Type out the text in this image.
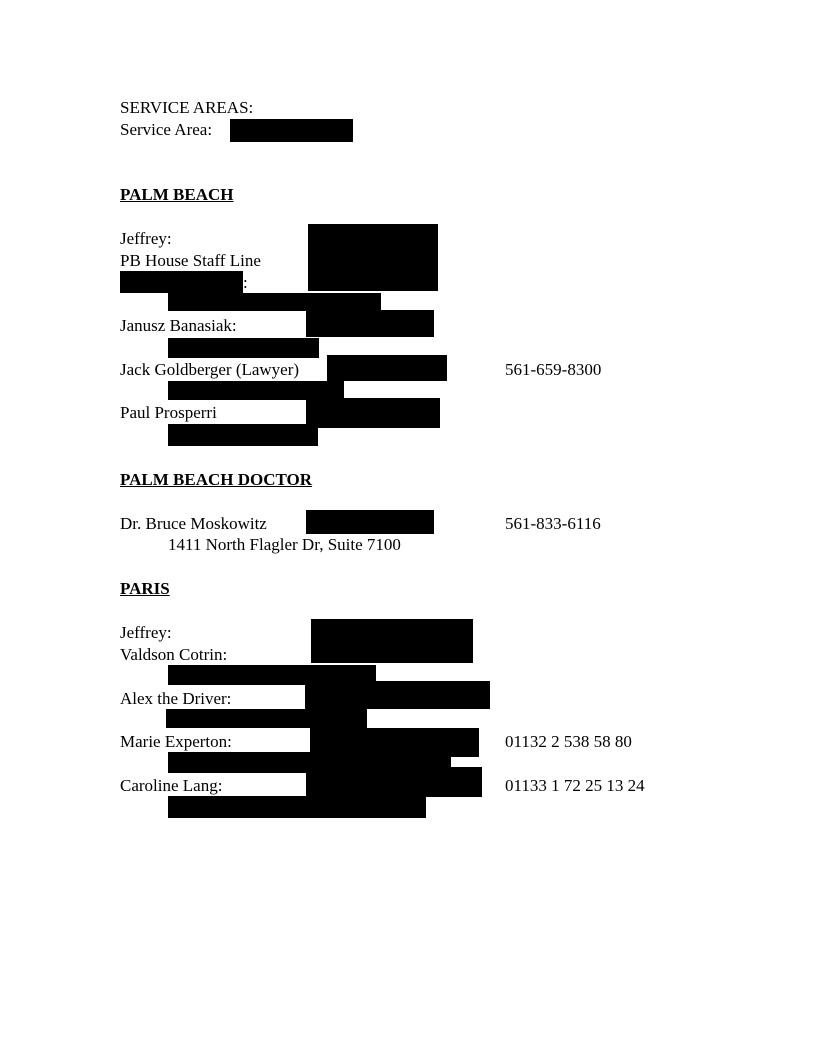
SERVICE AREAS:
Service Area:
PALM BEACH
Jeffrey:
PB House Staff Line
:
Janusz Banasiak:
Jack Goldberger (Lawyer)	561-659-8300
Paul Prosperri
PALM BEACH DOCTOR
Dr. Bruce Moskowitz	561-833-6116
1411 North Flagler Dr, Suite 7100
PARIS
Jeffrey:
Valdson Cotrin:
Alex the Driver:
Marie Experton:	01132 2 538 58 80
Caroline Lang:	01133 1 72 25 13 24
